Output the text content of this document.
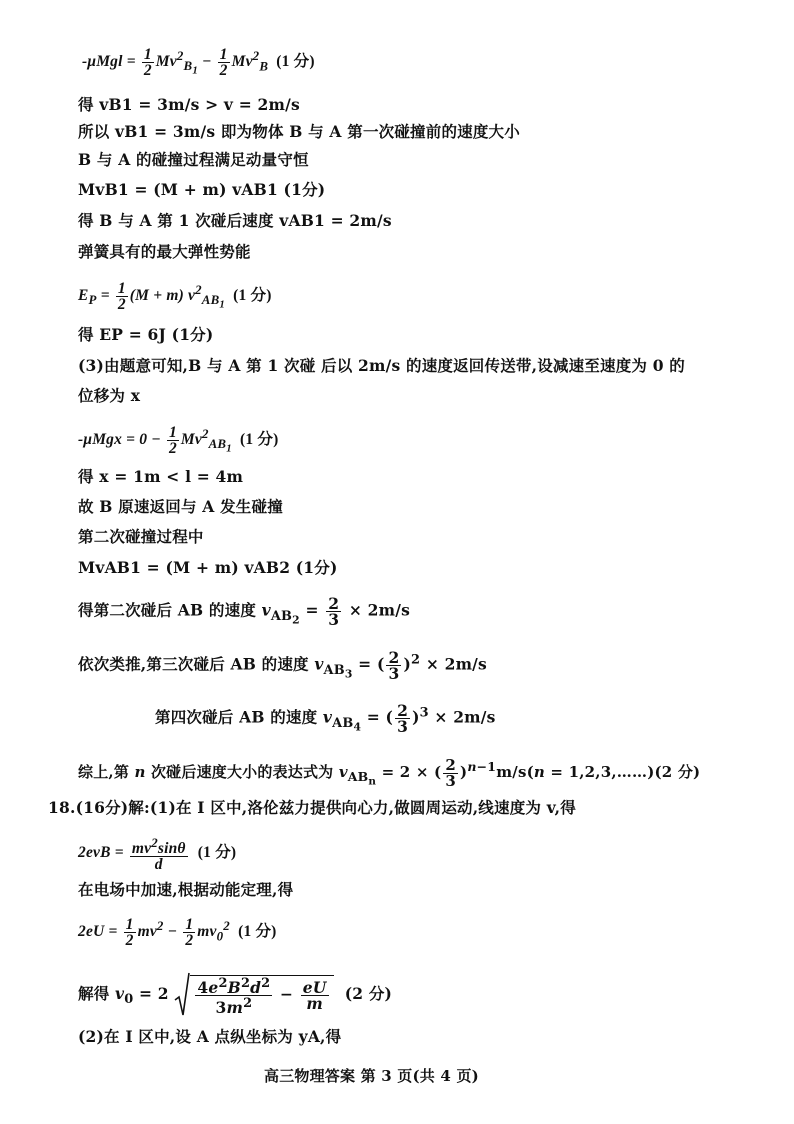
$-\mu Mgl = \frac{1}{2} Mv^2_{B_1} - \frac{1}{2} Mv^2_B$  (1 分)
得 vB1 = 3m/s > v = 2m/s
所以 vB1 = 3m/s 即为物体 B 与 A 第一次碰撞前的速度大小
B 与 A 的碰撞过程满足动量守恒
MvB1 = (M + m) vAB1 (1分)
得 B 与 A 第 1 次碰后速度 vAB1 = 2m/s
弹簧具有的最大弹性势能
$E_P = \frac{1}{2} (M + m)$ $v^2_{AB_1}$  (1 分)
得 EP = 6J (1分)
(3)由题意可知,B 与 A 第 1 次碰 后以 2m/s 的速度返回传送带,设减速至速度为 0 的
位移为 x
$-\mu Mgx = 0 - \frac{1}{2} Mv^2_{AB_1}$  (1 分)
得 x = 1m < l = 4m
故 B 原速返回与 A 发生碰撞
第二次碰撞过程中
MvAB1 = (M + m) vAB2 (1分)
得第二次碰后 AB 的速度 $v_{AB_2} = \frac{2}{3} \times 2m/s$
依次类推,第三次碰后 AB 的速度 $v_{AB_3}$ = ( $\frac{2}{3} )^2 \times 2m/s$
第四次碰后 AB 的速度 $v_{AB_4}$ = ( $\frac{2}{3} )^3 \times 2m/s$
综上,第 n 次碰后速度大小的表达式为 $v_{AB_n} = 2$ × ( $\frac{2}{3} )^{n-1}m/s(n$ = 1,2,3,……)(2 分)
18.(16分)解:(1)在 I 区中,洛伦兹力提供向心力,做圆周运动,线速度为 v,得
$2evB = \frac{mv^2\sin\theta}{d} (1$ 分)
在电场中加速,根据动能定理,得
$2eU = \frac{1}{2} mv^2 - \frac{1}{2} mv_0^2$  (1 分)
解得 $v_0 = 2 \frac{4e^2B^2d^2}{3m^2} - \frac{eU}{m} (2$ 分)
(2)在 I 区中,设 A 点纵坐标为 yA,得
高三物理答案 第 3 页(共 4 页)
